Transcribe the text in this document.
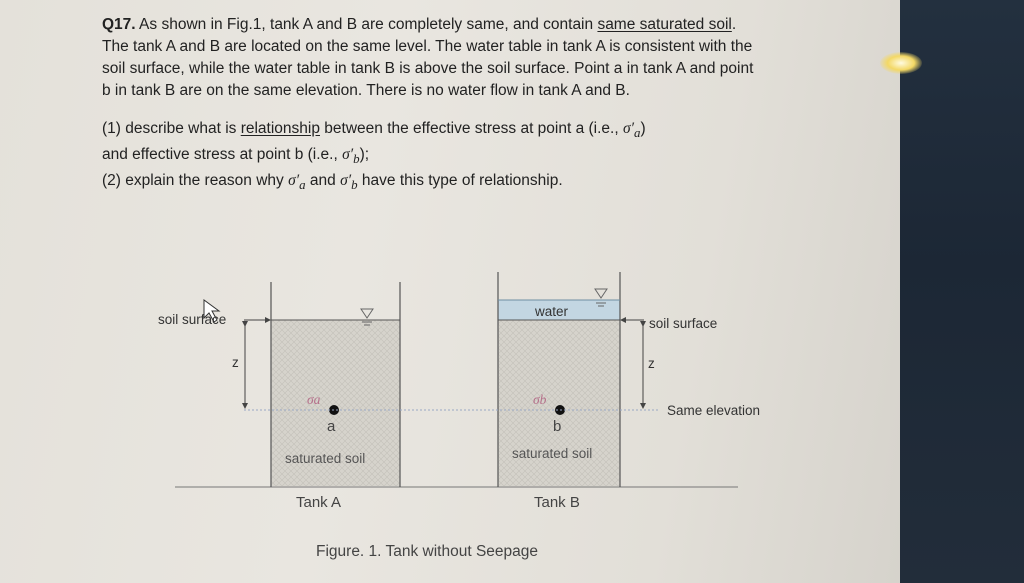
Q17. As shown in Fig.1, tank A and B are completely same, and contain same saturated soil. The tank A and B are located on the same level. The water table in tank A is consistent with the soil surface, while the water table in tank B is above the soil surface. Point a in tank A and point b in tank B are on the same elevation. There is no water flow in tank A and B.

(1) describe what is relationship between the effective stress at point a (i.e., $\sigma'_a$)
and effective stress at point b (i.e., $\sigma'_b$);

(2) explain the reason why $\sigma'_a$ and $\sigma'_b$ have this type of relationship.

soil surface
z
σa
a
saturated soil
Tank A
water
soil surface
z
σb
b
saturated soil
Tank B
Same elevation
Figure. 1. Tank without Seepage
